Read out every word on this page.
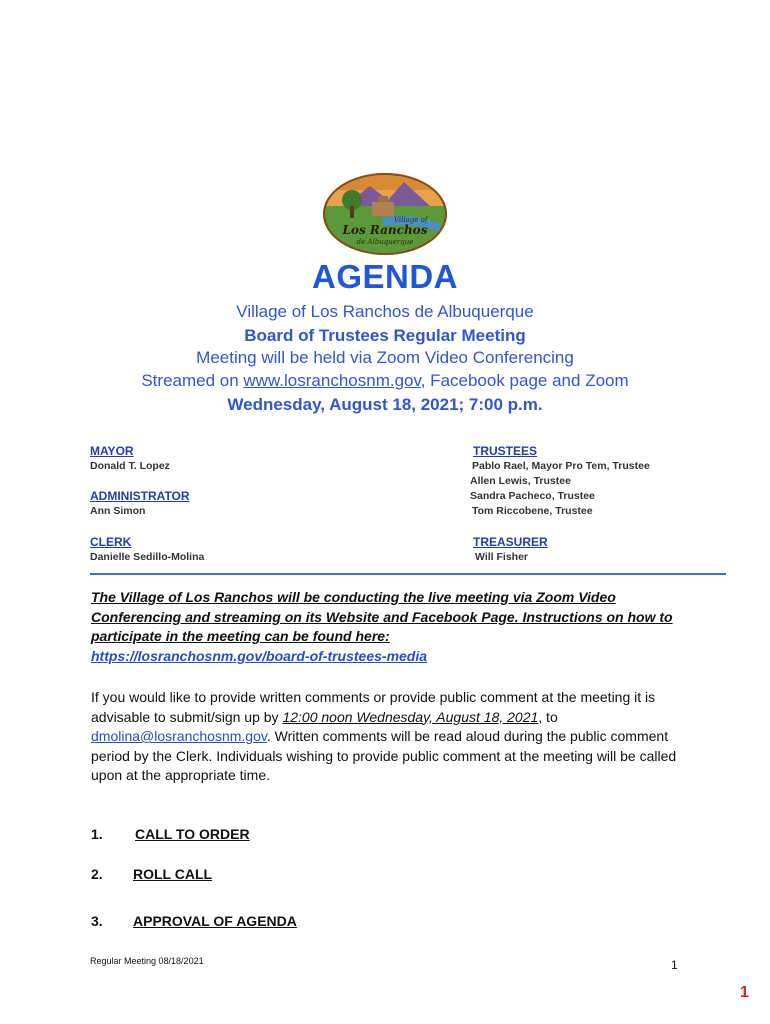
Village of
Los Ranchos
de Albuquerque
AGENDA
Village of Los Ranchos de Albuquerque
Board of Trustees Regular Meeting
Meeting will be held via Zoom Video Conferencing
Streamed on www.losranchosnm.gov, Facebook page and Zoom
Wednesday, August 18, 2021; 7:00 p.m.
MAYOR
Donald T. Lopez
ADMINISTRATOR
Ann Simon
CLERK
Danielle Sedillo-Molina
TRUSTEES
Pablo Rael, Mayor Pro Tem, Trustee
Allen Lewis, Trustee
Sandra Pacheco, Trustee
Tom Riccobene, Trustee
TREASURER
Will Fisher
The Village of Los Ranchos will be conducting the live meeting via Zoom Video Conferencing and streaming on its Website and Facebook Page. Instructions on how to participate in the meeting can be found here:
https://losranchosnm.gov/board-of-trustees-media
If you would like to provide written comments or provide public comment at the meeting it is advisable to submit/sign up by 12:00 noon Wednesday, August 18, 2021, to dmolina@losranchosnm.gov. Written comments will be read aloud during the public comment period by the Clerk. Individuals wishing to provide public comment at the meeting will be called upon at the appropriate time.
1. CALL TO ORDER
2. ROLL CALL
3. APPROVAL OF AGENDA
Regular Meeting 08/18/2021	1
1
